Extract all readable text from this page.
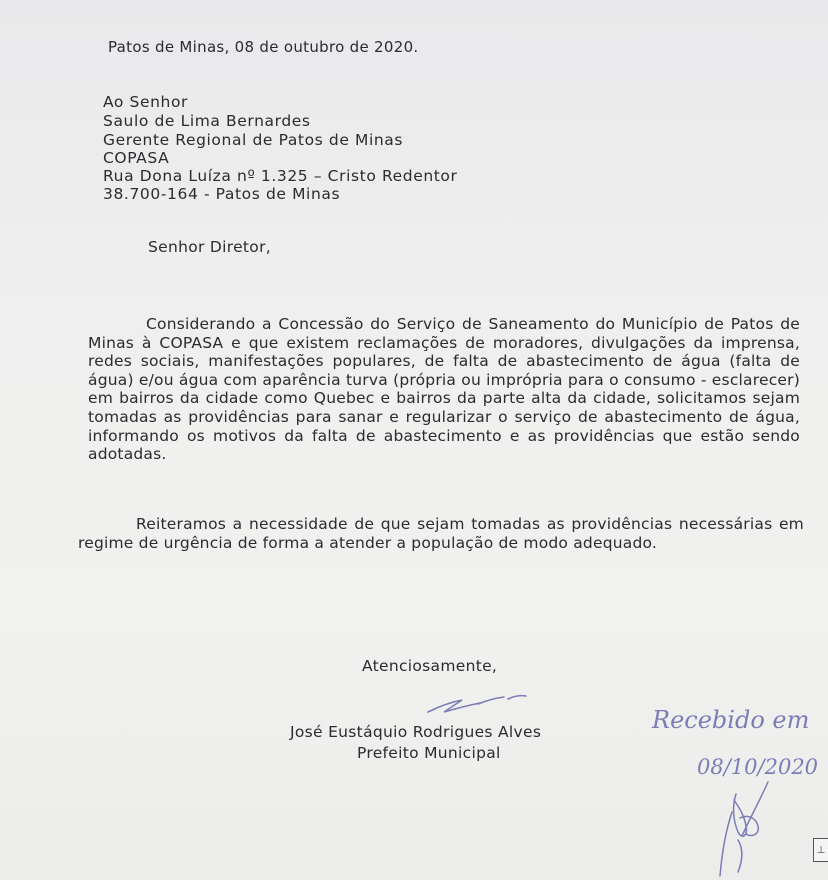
Patos de Minas, 08 de outubro de 2020.
Ao Senhor
Saulo de Lima Bernardes
Gerente Regional de Patos de Minas
COPASA
Rua Dona Luíza nº 1.325 – Cristo Redentor
38.700-164 - Patos de Minas
Senhor Diretor,
Considerando a Concessão do Serviço de Saneamento do Município de Patos de Minas à COPASA e que existem reclamações de moradores, divulgações da imprensa, redes sociais, manifestações populares, de falta de abastecimento de água (falta de água) e/ou água com aparência turva (própria ou imprópria para o consumo - esclarecer) em bairros da cidade como Quebec e bairros da parte alta da cidade, solicitamos sejam tomadas as providências para sanar e regularizar o serviço de abastecimento de água, informando os motivos da falta de abastecimento e as providências que estão sendo adotadas.
Reiteramos a necessidade de que sejam tomadas as providências necessárias em regime de urgência de forma a atender a população de modo adequado.
Atenciosamente,
José Eustáquio Rodrigues Alves
Prefeito Municipal
Recebido em
08/10/2020
⊥
